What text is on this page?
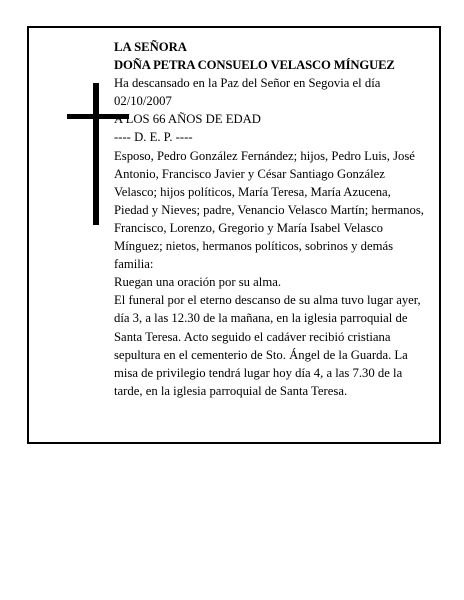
LA SEÑORA

DOÑA PETRA CONSUELO VELASCO MÍNGUEZ

Ha descansado en la Paz del Señor en Segovia el día 02/10/2007

A LOS 66 AÑOS DE EDAD

---- D. E. P. ----

Esposo, Pedro González Fernández; hijos, Pedro Luis, José Antonio, Francisco Javier y César Santiago González Velasco; hijos políticos, María Teresa, María Azucena, Piedad y Nieves; padre, Venancio Velasco Martín; hermanos, Francisco, Lorenzo, Gregorio y María Isabel Velasco Mínguez; nietos, hermanos políticos, sobrinos y demás familia:

Ruegan una oración por su alma.

El funeral por el eterno descanso de su alma tuvo lugar ayer, día 3, a las 12.30 de la mañana, en la iglesia parroquial de Santa Teresa. Acto seguido el cadáver recibió cristiana sepultura en el cementerio de Sto. Ángel de la Guarda. La misa de privilegio tendrá lugar hoy día 4, a las 7.30 de la tarde, en la iglesia parroquial de Santa Teresa.
